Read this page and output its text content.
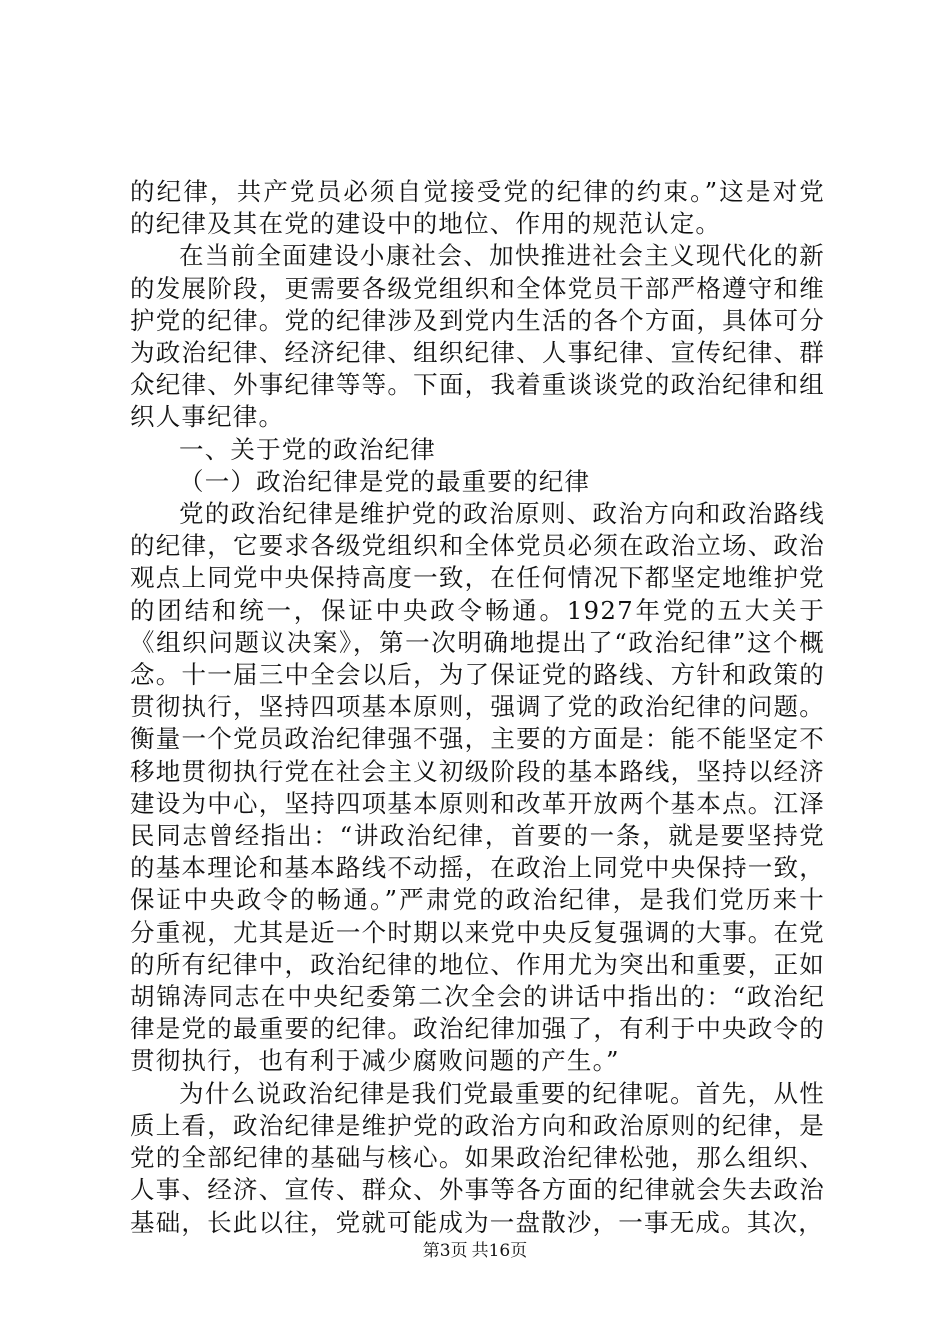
的纪律，共产党员必须自觉接受党的纪律的约束。”这是对党的纪律及其在党的建设中的地位、作用的规范认定。

在当前全面建设小康社会、加快推进社会主义现代化的新的发展阶段，更需要各级党组织和全体党员干部严格遵守和维护党的纪律。党的纪律涉及到党内生活的各个方面，具体可分为政治纪律、经济纪律、组织纪律、人事纪律、宣传纪律、群众纪律、外事纪律等等。下面，我着重谈谈党的政治纪律和组织人事纪律。

一、关于党的政治纪律

（一）政治纪律是党的最重要的纪律

党的政治纪律是维护党的政治原则、政治方向和政治路线的纪律，它要求各级党组织和全体党员必须在政治立场、政治观点上同党中央保持高度一致，在任何情况下都坚定地维护党的团结和统一，保证中央政令畅通。1927年党的五大关于《组织问题议决案》，第一次明确地提出了“政治纪律”这个概念。十一届三中全会以后，为了保证党的路线、方针和政策的贯彻执行，坚持四项基本原则，强调了党的政治纪律的问题。衡量一个党员政治纪律强不强，主要的方面是：能不能坚定不移地贯彻执行党在社会主义初级阶段的基本路线，坚持以经济建设为中心，坚持四项基本原则和改革开放两个基本点。江泽民同志曾经指出：“讲政治纪律，首要的一条，就是要坚持党的基本理论和基本路线不动摇，在政治上同党中央保持一致，保证中央政令的畅通。”严肃党的政治纪律，是我们党历来十分重视，尤其是近一个时期以来党中央反复强调的大事。在党的所有纪律中，政治纪律的地位、作用尤为突出和重要，正如胡锦涛同志在中央纪委第二次全会的讲话中指出的：“政治纪律是党的最重要的纪律。政治纪律加强了，有利于中央政令的贯彻执行，也有利于减少腐败问题的产生。”

为什么说政治纪律是我们党最重要的纪律呢。首先，从性质上看，政治纪律是维护党的政治方向和政治原则的纪律，是党的全部纪律的基础与核心。如果政治纪律松弛，那么组织、人事、经济、宣传、群众、外事等各方面的纪律就会失去政治基础，长此以往，党就可能成为一盘散沙，一事无成。其次，

第3页 共16页
